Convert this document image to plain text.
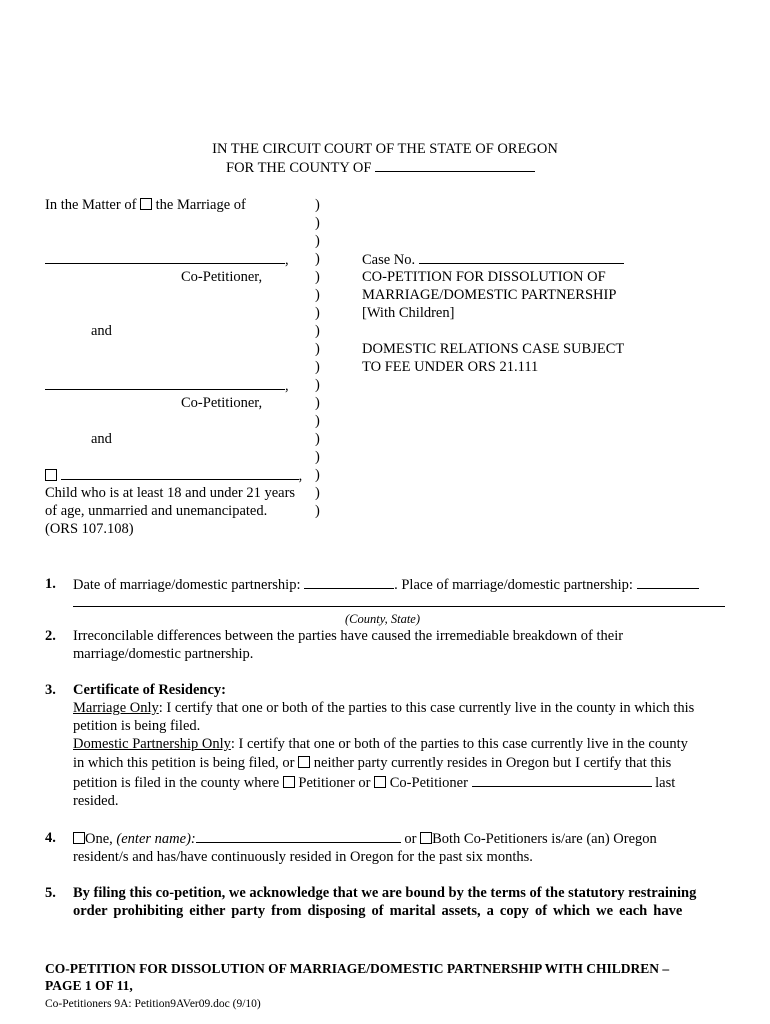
IN THE CIRCUIT COURT OF THE STATE OF OREGON
FOR THE COUNTY OF
In the Matter of the Marriage of
,
Co-Petitioner,
and
,
Co-Petitioner,
and
,
Child who is at least 18 and under 21 years
of age, unmarried and unemancipated.
(ORS 107.108)
)
)
)
)
)
)
)
)
)
)
)
)
)
)
)
)
)
)
Case No.
CO-PETITION FOR DISSOLUTION OF
MARRIAGE/DOMESTIC PARTNERSHIP
[With Children]
DOMESTIC RELATIONS CASE SUBJECT
TO FEE UNDER ORS 21.111
1. Date of marriage/domestic partnership:	. Place of marriage/domestic partnership:
(County, State)
2. Irreconcilable differences between the parties have caused the irremediable breakdown of their
marriage/domestic partnership.
3. Certificate of Residency:
Marriage Only: I certify that one or both of the parties to this case currently live in the county in which this
petition is being filed.
Domestic Partnership Only: I certify that one or both of the parties to this case currently live in the county
in which this petition is being filed, or neither party currently resides in Oregon but I certify that this
petition is filed in the county where Petitioner or Co-Petitioner	last
resided.
4.	One, (enter name):	or Both Co-Petitioners is/are (an) Oregon
resident/s and has/have continuously resided in Oregon for the past six months.
5. By filing this co-petition, we acknowledge that we are bound by the terms of the statutory restraining
order prohibiting either party from disposing of marital assets, a copy of which we each have
CO-PETITION FOR DISSOLUTION OF MARRIAGE/DOMESTIC PARTNERSHIP WITH CHILDREN –
PAGE 1 OF 11,
Co-Petitioners 9A: Petition9AVer09.doc (9/10)
